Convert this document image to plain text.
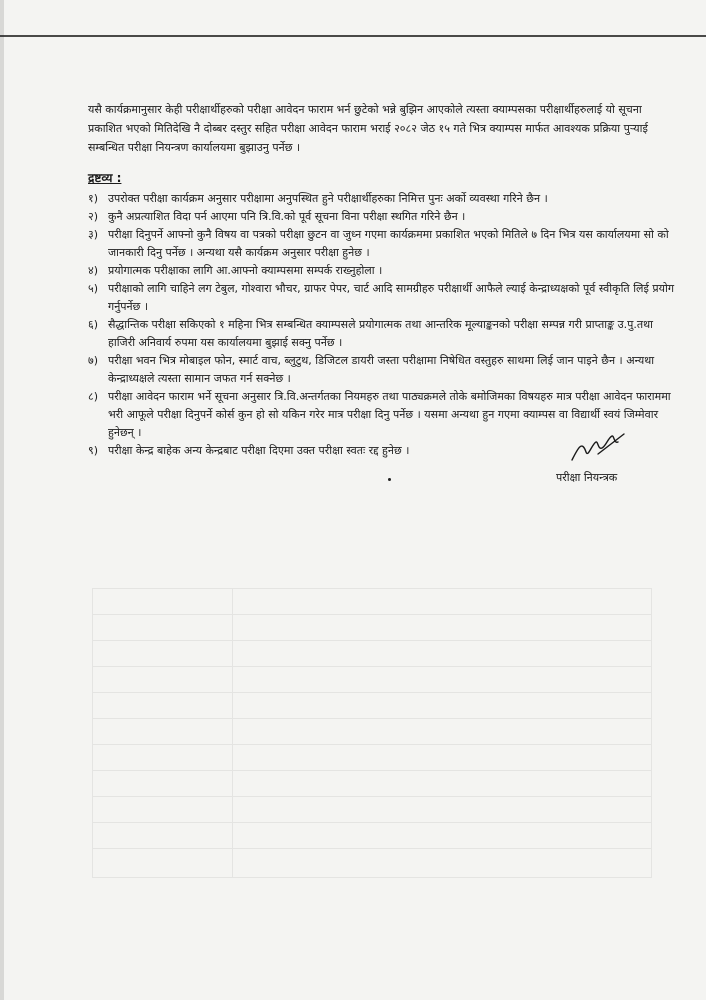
यसै कार्यक्रमानुसार केही परीक्षार्थीहरुको परीक्षा आवेदन फाराम भर्न छुटेको भन्ने बुझिन आएकोले त्यस्ता क्याम्पसका परीक्षार्थीहरुलाई यो सूचना प्रकाशित भएको मितिदेखि नै दोब्बर दस्तुर सहित परीक्षा आवेदन फाराम भराई २०८२ जेठ १५ गते भित्र क्याम्पस मार्फत आवश्यक प्रक्रिया पुऱ्याई सम्बन्धित परीक्षा नियन्त्रण कार्यालयमा बुझाउनु पर्नेछ ।

द्रष्टव्य :

१) उपरोक्त परीक्षा कार्यक्रम अनुसार परीक्षामा अनुपस्थित हुने परीक्षार्थीहरुका निमित्त पुनः अर्को व्यवस्था गरिने छैन ।
२) कुनै अप्रत्याशित विदा पर्न आएमा पनि त्रि.वि.को पूर्व सूचना विना परीक्षा स्थगित गरिने छैन ।
३) परीक्षा दिनुपर्ने आफ्नो कुनै विषय वा पत्रको परीक्षा छुटन वा जुध्न गएमा कार्यक्रममा प्रकाशित भएको मितिले ७ दिन भित्र यस कार्यालयमा सो को जानकारी दिनु पर्नेछ । अन्यथा यसै कार्यक्रम अनुसार परीक्षा हुनेछ ।
४) प्रयोगात्मक परीक्षाका लागि आ.आफ्नो क्याम्पसमा सम्पर्क राख्नुहोला ।
५) परीक्षाको लागि चाहिने लग टेबुल, गोश्वारा भौचर, ग्राफर पेपर, चार्ट आदि सामग्रीहरु परीक्षार्थी आफैले ल्याई केन्द्राध्यक्षको पूर्व स्वीकृति लिई प्रयोग गर्नुपर्नेछ ।
६) सैद्धान्तिक परीक्षा सकिएको १ महिना भित्र सम्बन्धित क्याम्पसले प्रयोगात्मक तथा आन्तरिक मूल्याङ्कनको परीक्षा सम्पन्न गरी प्राप्ताङ्क उ.पु.तथा हाजिरी अनिवार्य रुपमा यस कार्यालयमा बुझाई सक्नु पर्नेछ ।
७) परीक्षा भवन भित्र मोबाइल फोन, स्मार्ट वाच, ब्लुटुथ, डिजिटल डायरी जस्ता परीक्षामा निषेधित वस्तुहरु साथमा लिई जान पाइने छैन । अन्यथा केन्द्राध्यक्षले त्यस्ता सामान जफत गर्न सक्नेछ ।
८) परीक्षा आवेदन फाराम भर्ने सूचना अनुसार त्रि.वि.अन्तर्गतका नियमहरु तथा पाठ्यक्रमले तोके बमोजिमका विषयहरु मात्र परीक्षा आवेदन फाराममा भरी आफूले परीक्षा दिनुपर्ने कोर्स कुन हो सो यकिन गरेर मात्र परीक्षा दिनु पर्नेछ । यसमा अन्यथा हुन गएमा क्याम्पस वा विद्यार्थी स्वयं जिम्मेवार हुनेछन् ।
९) परीक्षा केन्द्र बाहेक अन्य केन्द्रबाट परीक्षा दिएमा उक्त परीक्षा स्वतः रद्द हुनेछ ।
परीक्षा नियन्त्रक
